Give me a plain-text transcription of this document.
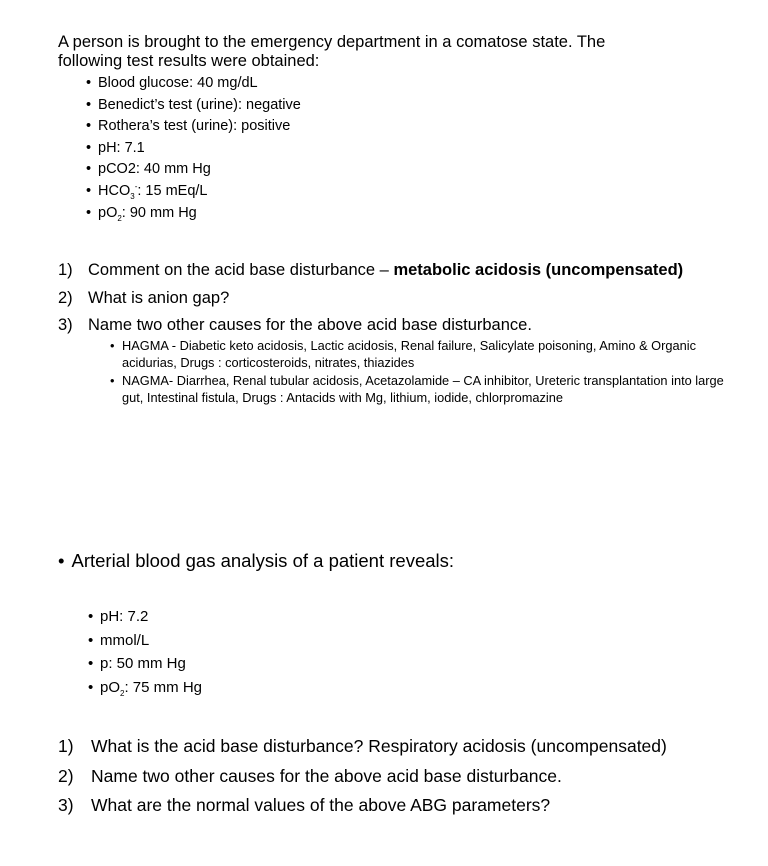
A person is brought to the emergency department in a comatose state. The
following test results were obtained:
• Blood glucose: 40 mg/dL
• Benedict’s test (urine): negative
• Rothera’s test (urine): positive
• pH: 7.1
• pCO2: 40 mm Hg
• $HCO_3^-$: 15 mEq/L
• $pO_2$: 90 mm Hg
1) Comment on the acid base disturbance – metabolic acidosis (uncompensated)
2) What is anion gap?
3) Name two other causes for the above acid base disturbance.
• HAGMA - Diabetic keto acidosis, Lactic acidosis, Renal failure, Salicylate poisoning, Amino & Organic acidurias, Drugs : corticosteroids, nitrates, thiazides
• NAGMA- Diarrhea, Renal tubular acidosis, Acetazolamide – CA inhibitor, Ureteric transplantation into large gut, Intestinal fistula, Drugs : Antacids with Mg, lithium, iodide, chlorpromazine
• Arterial blood gas analysis of a patient reveals:
• pH: 7.2
• mmol/L
• p: 50 mm Hg
• $pO_2$: 75 mm Hg
1) What is the acid base disturbance? Respiratory acidosis (uncompensated)
2) Name two other causes for the above acid base disturbance.
3) What are the normal values of the above ABG parameters?
